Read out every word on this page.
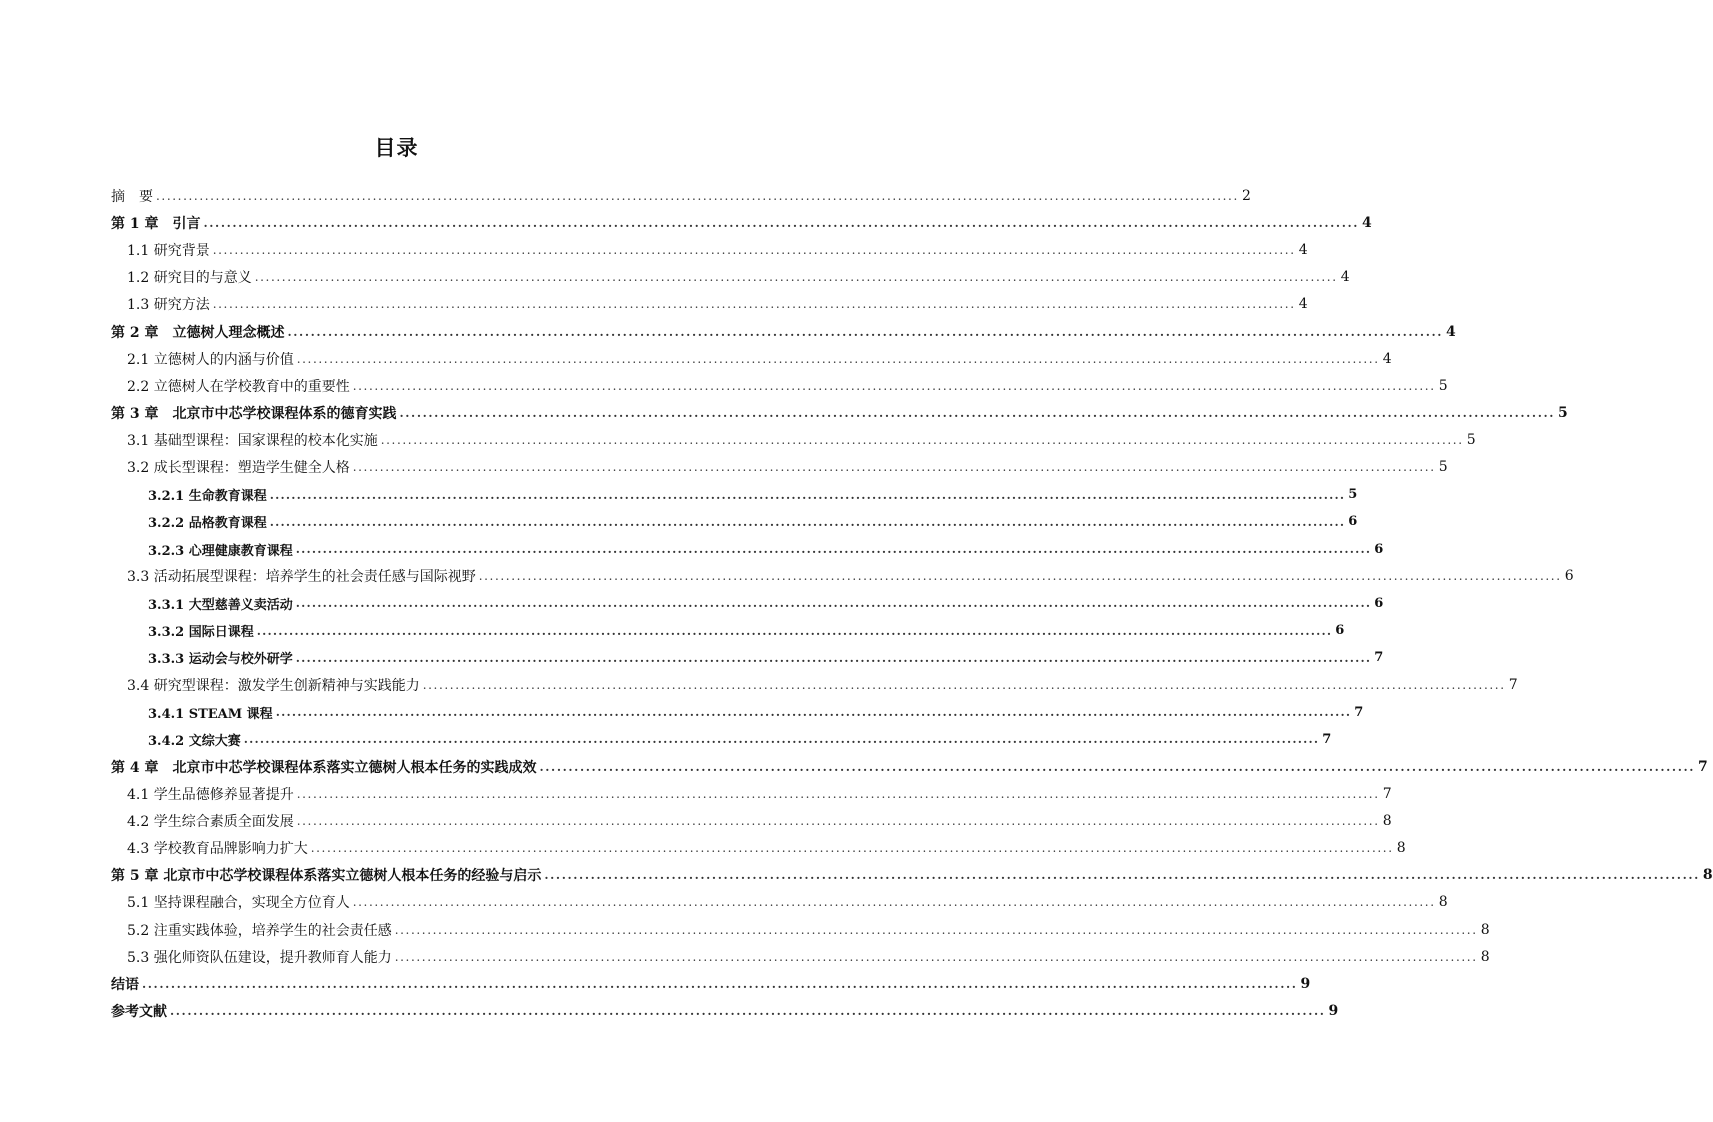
目录
摘　要 ........................................................................................................................................................................................................ 2
第 1 章　引言 ........................................................................................................................................................................................................ 4
1.1 研究背景 ........................................................................................................................................................................................................ 4
1.2 研究目的与意义 ........................................................................................................................................................................................................ 4
1.3 研究方法 ........................................................................................................................................................................................................ 4
第 2 章　立德树人理念概述 ........................................................................................................................................................................................................ 4
2.1 立德树人的内涵与价值 ........................................................................................................................................................................................................ 4
2.2 立德树人在学校教育中的重要性 ........................................................................................................................................................................................................ 5
第 3 章　北京市中芯学校课程体系的德育实践 ........................................................................................................................................................................................................ 5
3.1 基础型课程：国家课程的校本化实施 ........................................................................................................................................................................................................ 5
3.2 成长型课程：塑造学生健全人格 ........................................................................................................................................................................................................ 5
3.2.1 生命教育课程 ........................................................................................................................................................................................................ 5
3.2.2 品格教育课程 ........................................................................................................................................................................................................ 6
3.2.3 心理健康教育课程 ........................................................................................................................................................................................................ 6
3.3 活动拓展型课程：培养学生的社会责任感与国际视野 ........................................................................................................................................................................................................ 6
3.3.1 大型慈善义卖活动 ........................................................................................................................................................................................................ 6
3.3.2 国际日课程 ........................................................................................................................................................................................................ 6
3.3.3 运动会与校外研学 ........................................................................................................................................................................................................ 7
3.4 研究型课程：激发学生创新精神与实践能力 ........................................................................................................................................................................................................ 7
3.4.1 STEAM 课程 ........................................................................................................................................................................................................ 7
3.4.2 文综大赛 ........................................................................................................................................................................................................ 7
第 4 章　北京市中芯学校课程体系落实立德树人根本任务的实践成效 ........................................................................................................................................................................................................ 7
4.1 学生品德修养显著提升 ........................................................................................................................................................................................................ 7
4.2 学生综合素质全面发展 ........................................................................................................................................................................................................ 8
4.3 学校教育品牌影响力扩大 ........................................................................................................................................................................................................ 8
第 5 章 北京市中芯学校课程体系落实立德树人根本任务的经验与启示 ........................................................................................................................................................................................................ 8
5.1 坚持课程融合，实现全方位育人 ........................................................................................................................................................................................................ 8
5.2 注重实践体验，培养学生的社会责任感 ........................................................................................................................................................................................................ 8
5.3 强化师资队伍建设，提升教师育人能力 ........................................................................................................................................................................................................ 8
结语 ........................................................................................................................................................................................................ 9
参考文献 ........................................................................................................................................................................................................ 9
